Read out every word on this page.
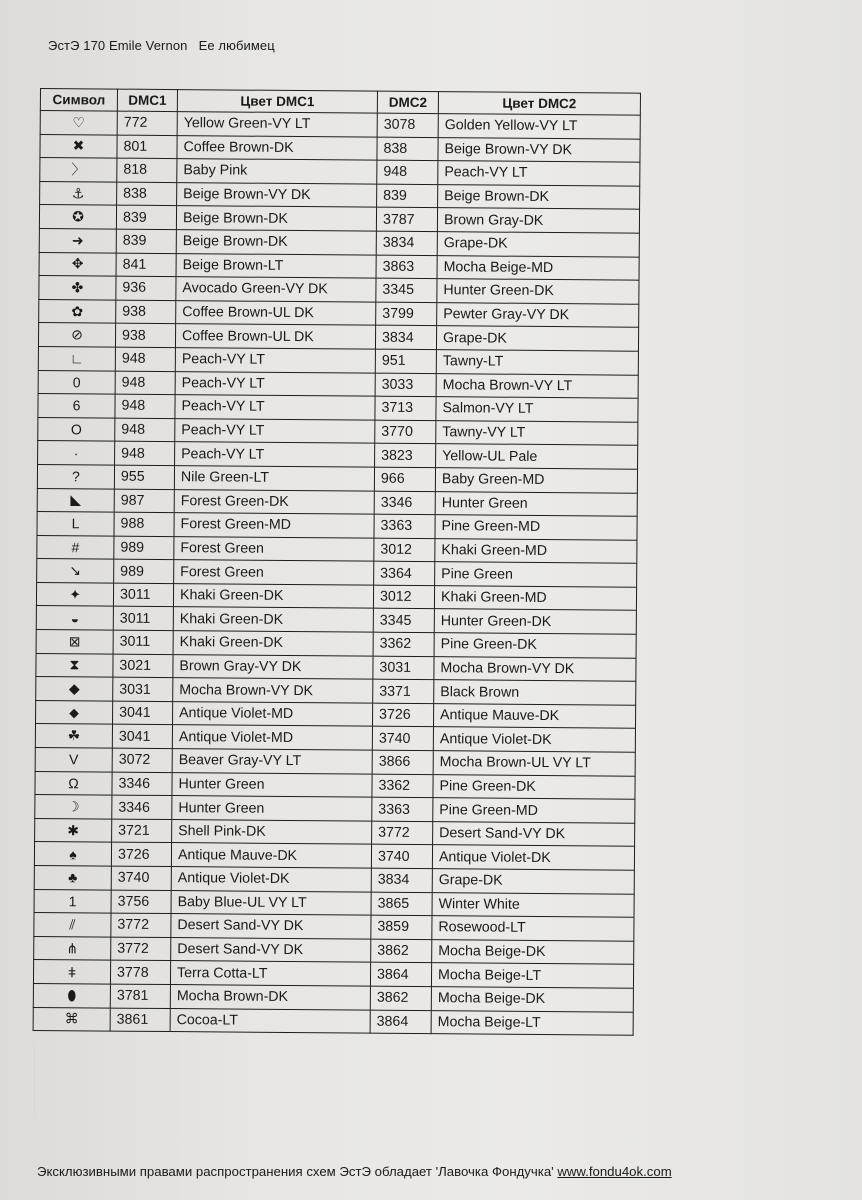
ЭстЭ 170 Emile Vernon   Ее любимец
Символ	DMC1	Цвет DMC1	DMC2	Цвет DMC2
♡	772	Yellow Green-VY LT	3078	Golden Yellow-VY LT
✖	801	Coffee Brown-DK	838	Beige Brown-VY DK
〉	818	Baby Pink	948	Peach-VY LT
⚓	838	Beige Brown-VY DK	839	Beige Brown-DK
✪	839	Beige Brown-DK	3787	Brown Gray-DK
➜	839	Beige Brown-DK	3834	Grape-DK
✥	841	Beige Brown-LT	3863	Mocha Beige-MD
✤	936	Avocado Green-VY DK	3345	Hunter Green-DK
✿	938	Coffee Brown-UL DK	3799	Pewter Gray-VY DK
⊘	938	Coffee Brown-UL DK	3834	Grape-DK
∟	948	Peach-VY LT	951	Tawny-LT
0	948	Peach-VY LT	3033	Mocha Brown-VY LT
6	948	Peach-VY LT	3713	Salmon-VY LT
O	948	Peach-VY LT	3770	Tawny-VY LT
·	948	Peach-VY LT	3823	Yellow-UL Pale
?	955	Nile Green-LT	966	Baby Green-MD
◣	987	Forest Green-DK	3346	Hunter Green
L	988	Forest Green-MD	3363	Pine Green-MD
#	989	Forest Green	3012	Khaki Green-MD
↘	989	Forest Green	3364	Pine Green
✦	3011	Khaki Green-DK	3012	Khaki Green-MD
◒	3011	Khaki Green-DK	3345	Hunter Green-DK
⊠	3011	Khaki Green-DK	3362	Pine Green-DK
⧗	3021	Brown Gray-VY DK	3031	Mocha Brown-VY DK
◆	3031	Mocha Brown-VY DK	3371	Black Brown
⬥	3041	Antique Violet-MD	3726	Antique Mauve-DK
☘	3041	Antique Violet-MD	3740	Antique Violet-DK
V	3072	Beaver Gray-VY LT	3866	Mocha Brown-UL VY LT
Ω	3346	Hunter Green	3362	Pine Green-DK
☽	3346	Hunter Green	3363	Pine Green-MD
✱	3721	Shell Pink-DK	3772	Desert Sand-VY DK
♠	3726	Antique Mauve-DK	3740	Antique Violet-DK
♣	3740	Antique Violet-DK	3834	Grape-DK
1	3756	Baby Blue-UL VY LT	3865	Winter White
⫽	3772	Desert Sand-VY DK	3859	Rosewood-LT
⋔	3772	Desert Sand-VY DK	3862	Mocha Beige-DK
ǂ	3778	Terra Cotta-LT	3864	Mocha Beige-LT
⬮	3781	Mocha Brown-DK	3862	Mocha Beige-DK
⌘	3861	Cocoa-LT	3864	Mocha Beige-LT
Эксклюзивными правами распространения схем ЭстЭ обладает 'Лавочка Фондучка' www.fondu4ok.com
